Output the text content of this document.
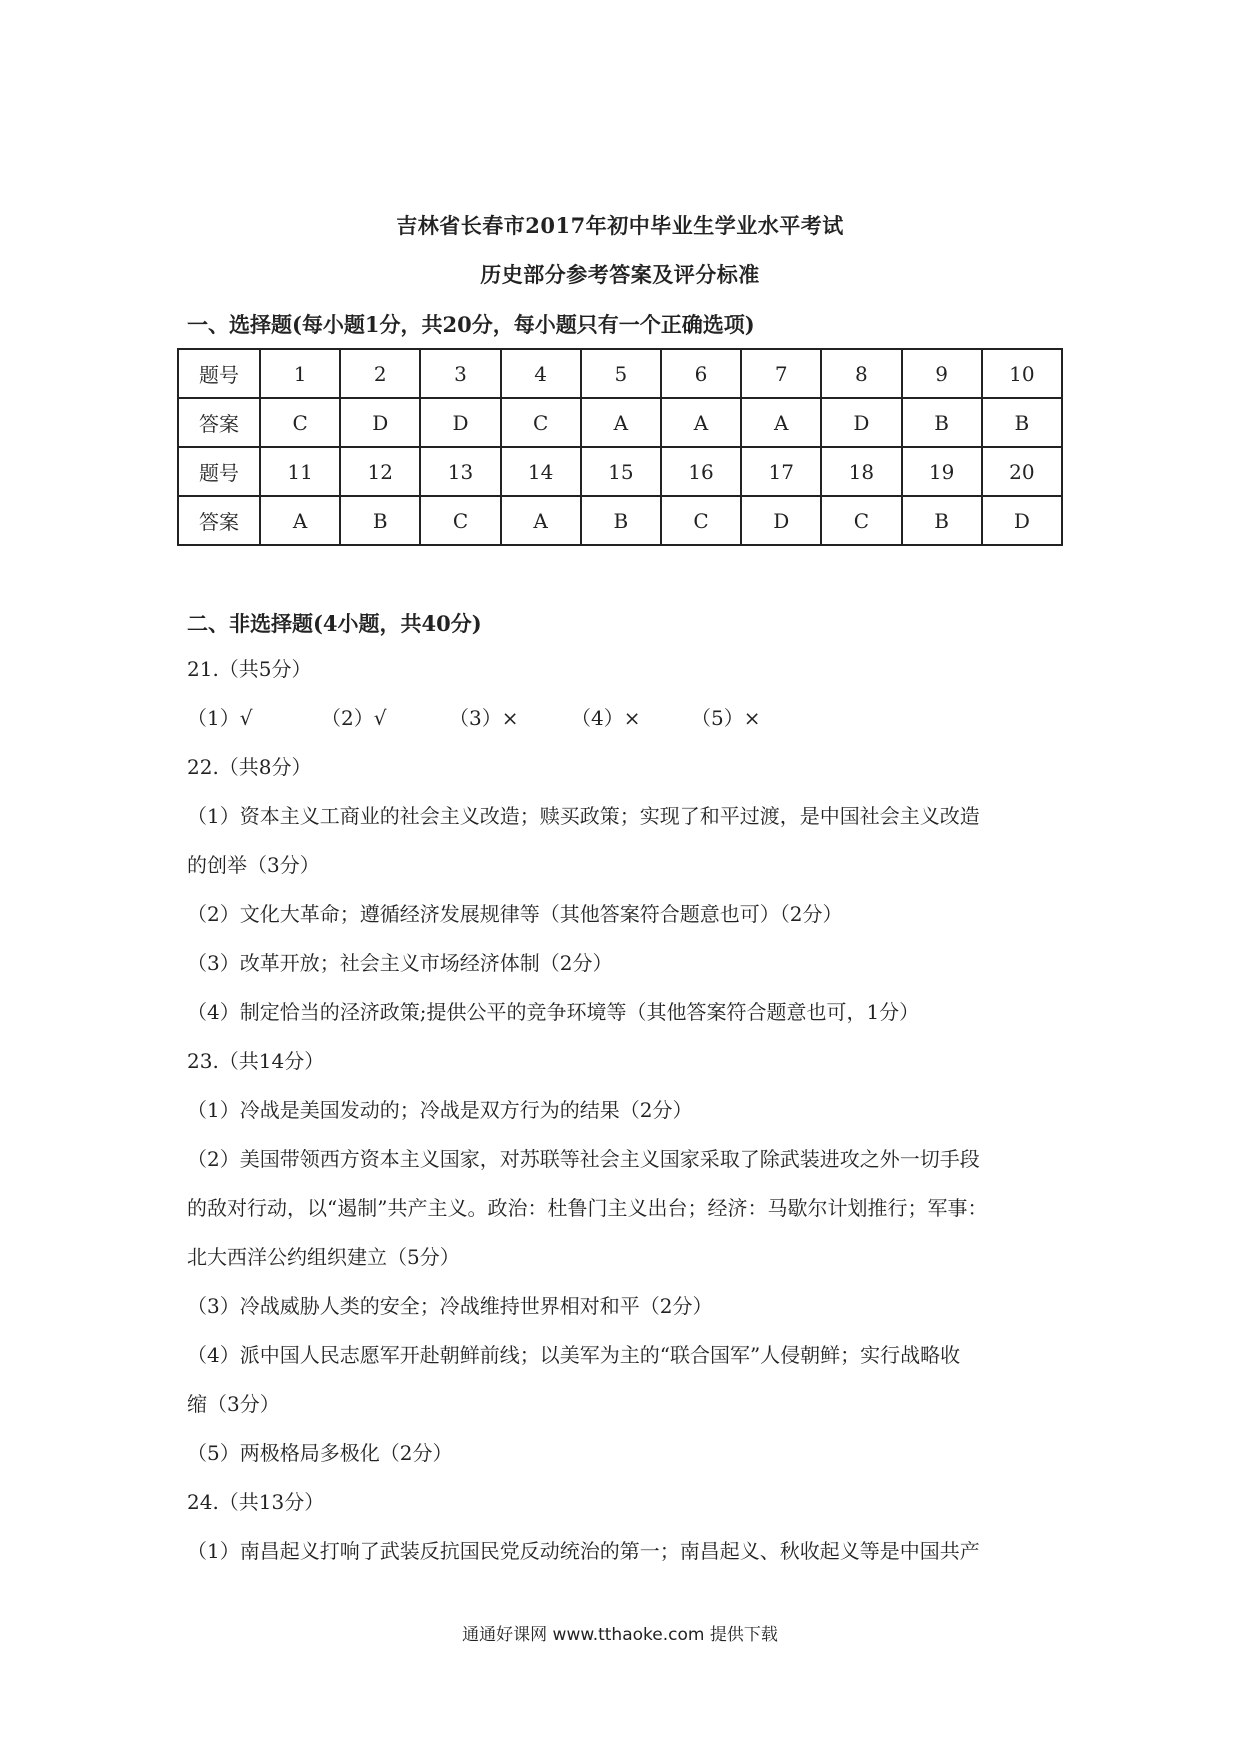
吉林省长春市2017年初中毕业生学业水平考试
历史部分参考答案及评分标准
一、选择题(每小题1分，共20分，每小题只有一个正确选项)
题号	1	2	3	4	5	6	7	8	9	10
答案	C	D	D	C	A	A	A	D	B	B
题号	11	12	13	14	15	16	17	18	19	20
答案	A	B	C	A	B	C	D	C	B	D
二、非选择题(4小题，共40分)
21.（共5分）
（1）√	（2）√	（3）×	（4）×	（5）×
22.（共8分）
（1）资本主义工商业的社会主义改造；赎买政策；实现了和平过渡，是中国社会主义改造
的创举（3分）
（2）文化大革命；遵循经济发展规律等（其他答案符合题意也可）（2分）
（3）改革开放；社会主义市场经济体制（2分）
（4）制定恰当的泾济政策;提供公平的竞争环境等（其他答案符合题意也可，1分）
23.（共14分）
（1）冷战是美国发动的；冷战是双方行为的结果（2分）
（2）美国带领西方资本主义国家，对苏联等社会主义国家采取了除武装进攻之外一切手段
的敌对行动，以“遏制”共产主义。政治：杜鲁门主义出台；经济：马歇尔计划推行；军事：
北大西洋公约组织建立（5分）
（3）冷战威胁人类的安全；冷战维持世界相对和平（2分）
（4）派中国人民志愿军开赴朝鲜前线；以美军为主的“联合国军”人侵朝鲜；实行战略收
缩（3分）
（5）两极格局多极化（2分）
24.（共13分）
（1）南昌起义打响了武装反抗国民党反动统治的第一；南昌起义、秋收起义等是中国共产
通通好课网 www.tthaoke.com 提供下载
